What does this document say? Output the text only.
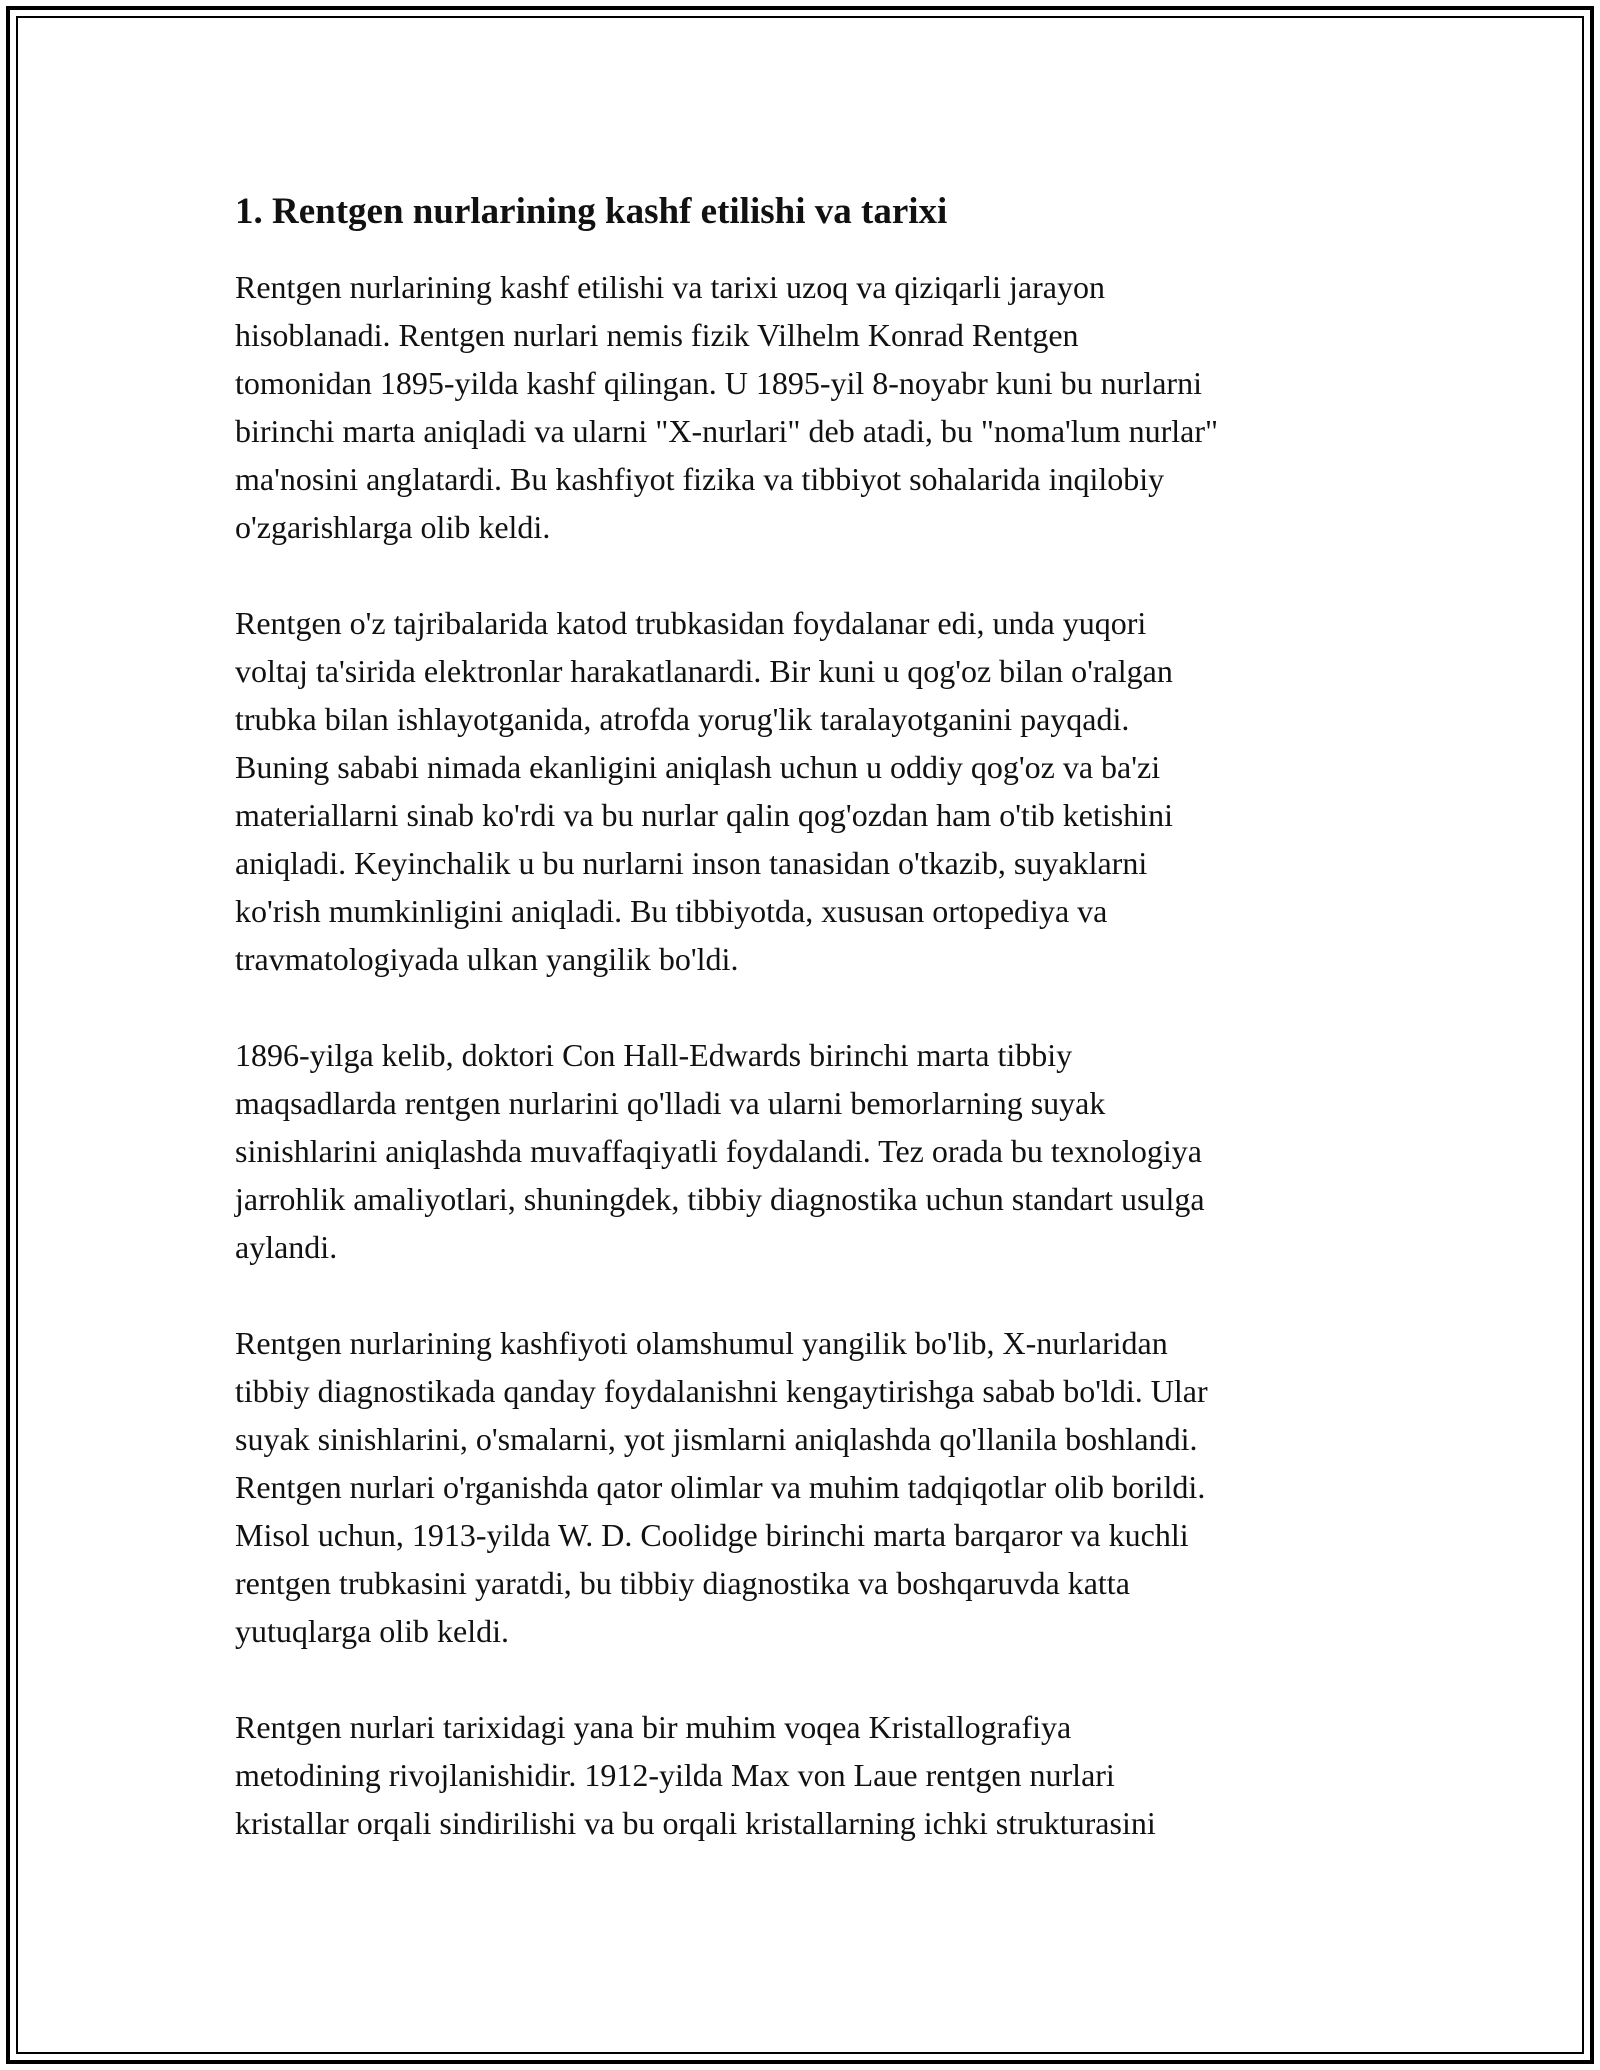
1. Rentgen nurlarining kashf etilishi va tarixi

Rentgen nurlarining kashf etilishi va tarixi uzoq va qiziqarli jarayon
hisoblanadi. Rentgen nurlari nemis fizik Vilhelm Konrad Rentgen
tomonidan 1895-yilda kashf qilingan. U 1895-yil 8-noyabr kuni bu nurlarni
birinchi marta aniqladi va ularni "X-nurlari" deb atadi, bu "noma'lum nurlar"
ma'nosini anglatardi. Bu kashfiyot fizika va tibbiyot sohalarida inqilobiy
o'zgarishlarga olib keldi.

Rentgen o'z tajribalarida katod trubkasidan foydalanar edi, unda yuqori
voltaj ta'sirida elektronlar harakatlanardi. Bir kuni u qog'oz bilan o'ralgan
trubka bilan ishlayotganida, atrofda yorug'lik taralayotganini payqadi.
Buning sababi nimada ekanligini aniqlash uchun u oddiy qog'oz va ba'zi
materiallarni sinab ko'rdi va bu nurlar qalin qog'ozdan ham o'tib ketishini
aniqladi. Keyinchalik u bu nurlarni inson tanasidan o'tkazib, suyaklarni
ko'rish mumkinligini aniqladi. Bu tibbiyotda, xususan ortopediya va
travmatologiyada ulkan yangilik bo'ldi.

1896-yilga kelib, doktori Con Hall-Edwards birinchi marta tibbiy
maqsadlarda rentgen nurlarini qo'lladi va ularni bemorlarning suyak
sinishlarini aniqlashda muvaffaqiyatli foydalandi. Tez orada bu texnologiya
jarrohlik amaliyotlari, shuningdek, tibbiy diagnostika uchun standart usulga
aylandi.

Rentgen nurlarining kashfiyoti olamshumul yangilik bo'lib, X-nurlaridan
tibbiy diagnostikada qanday foydalanishni kengaytirishga sabab bo'ldi. Ular
suyak sinishlarini, o'smalarni, yot jismlarni aniqlashda qo'llanila boshlandi.
Rentgen nurlari o'rganishda qator olimlar va muhim tadqiqotlar olib borildi.
Misol uchun, 1913-yilda W. D. Coolidge birinchi marta barqaror va kuchli
rentgen trubkasini yaratdi, bu tibbiy diagnostika va boshqaruvda katta
yutuqlarga olib keldi.

Rentgen nurlari tarixidagi yana bir muhim voqea Kristallografiya
metodining rivojlanishidir. 1912-yilda Max von Laue rentgen nurlari
kristallar orqali sindirilishi va bu orqali kristallarning ichki strukturasini
